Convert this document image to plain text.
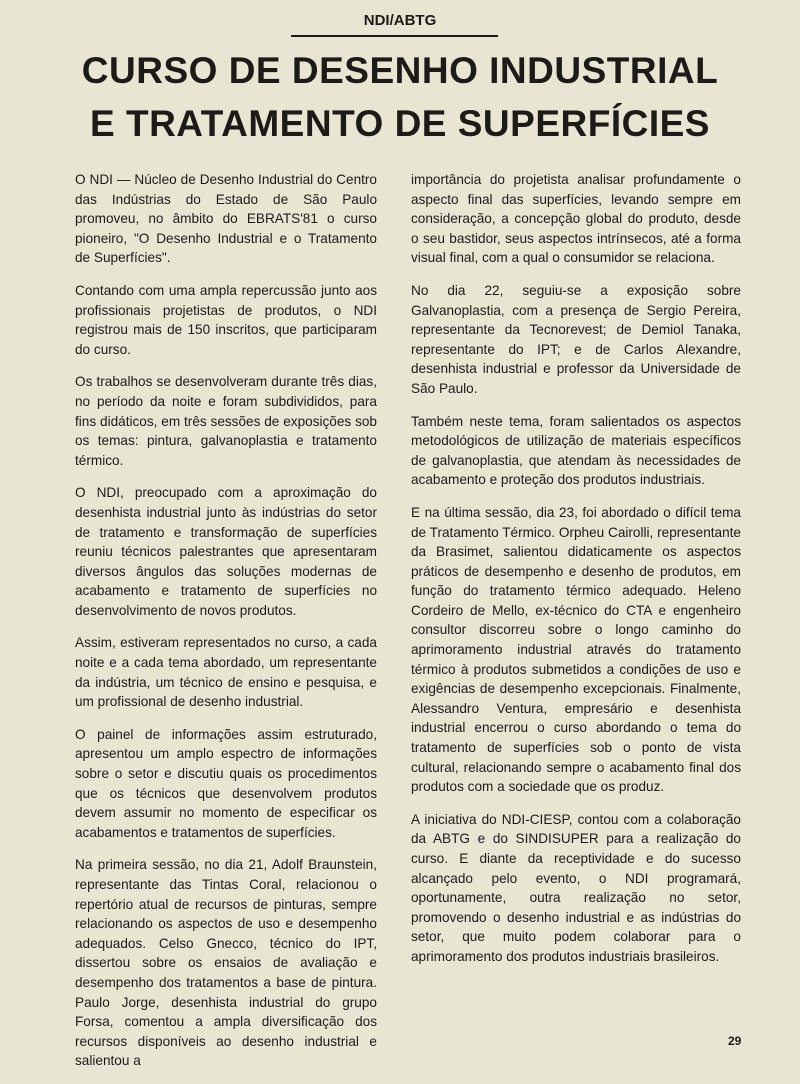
NDI/ABTG
CURSO DE DESENHO INDUSTRIAL
E TRATAMENTO DE SUPERFÍCIES

O NDI — Núcleo de Desenho Industrial do Centro das Indústrias do Estado de São Paulo promoveu, no âmbito do EBRATS'81 o curso pioneiro, "O Desenho Industrial e o Tratamento de Superfícies".

Contando com uma ampla repercussão junto aos profissionais projetistas de produtos, o NDI registrou mais de 150 inscritos, que participaram do curso.

Os trabalhos se desenvolveram durante três dias, no período da noite e foram subdivididos, para fins didáticos, em três sessões de exposições sob os temas: pintura, galvanoplastia e tratamento térmico.

O NDI, preocupado com a aproximação do desenhista industrial junto às indústrias do setor de tratamento e transformação de superfícies reuniu técnicos palestrantes que apresentaram diversos ângulos das soluções modernas de acabamento e tratamento de superfícies no desenvolvimento de novos produtos.

Assim, estiveram representados no curso, a cada noite e a cada tema abordado, um representante da indústria, um técnico de ensino e pesquisa, e um profissional de desenho industrial.

O painel de informações assim estruturado, apresentou um amplo espectro de informações sobre o setor e discutiu quais os procedimentos que os técnicos que desenvolvem produtos devem assumir no momento de especificar os acabamentos e tratamentos de superfícies.

Na primeira sessão, no dia 21, Adolf Braunstein, representante das Tintas Coral, relacionou o repertório atual de recursos de pinturas, sempre relacionando os aspectos de uso e desempenho adequados. Celso Gnecco, técnico do IPT, dissertou sobre os ensaios de avaliação e desempenho dos tratamentos a base de pintura. Paulo Jorge, desenhista industrial do grupo Forsa, comentou a ampla diversificação dos recursos disponíveis ao desenho industrial e salientou a

importância do projetista analisar profundamente o aspecto final das superfícies, levando sempre em consideração, a concepção global do produto, desde o seu bastidor, seus aspectos intrínsecos, até a forma visual final, com a qual o consumidor se relaciona.

No dia 22, seguiu-se a exposição sobre Galvanoplastia, com a presença de Sergio Pereira, representante da Tecnorevest; de Demiol Tanaka, representante do IPT; e de Carlos Alexandre, desenhista industrial e professor da Universidade de São Paulo.

Também neste tema, foram salientados os aspectos metodológicos de utilização de materiais específicos de galvanoplastia, que atendam às necessidades de acabamento e proteção dos produtos industriais.

E na última sessão, dia 23, foi abordado o difícil tema de Tratamento Térmico. Orpheu Cairolli, representante da Brasimet, salientou didaticamente os aspectos práticos de desempenho e desenho de produtos, em função do tratamento térmico adequado. Heleno Cordeiro de Mello, ex-técnico do CTA e engenheiro consultor discorreu sobre o longo caminho do aprimoramento industrial através do tratamento térmico à produtos submetidos a condições de uso e exigências de desempenho excepcionais. Finalmente, Alessandro Ventura, empresário e desenhista industrial encerrou o curso abordando o tema do tratamento de superfícies sob o ponto de vista cultural, relacionando sempre o acabamento final dos produtos com a sociedade que os produz.

A iniciativa do NDI-CIESP, contou com a colaboração da ABTG e do SINDISUPER para a realização do curso. E diante da receptividade e do sucesso alcançado pelo evento, o NDI programará, oportunamente, outra realização no setor, promovendo o desenho industrial e as indústrias do setor, que muito podem colaborar para o aprimoramento dos produtos industriais brasileiros.

29
